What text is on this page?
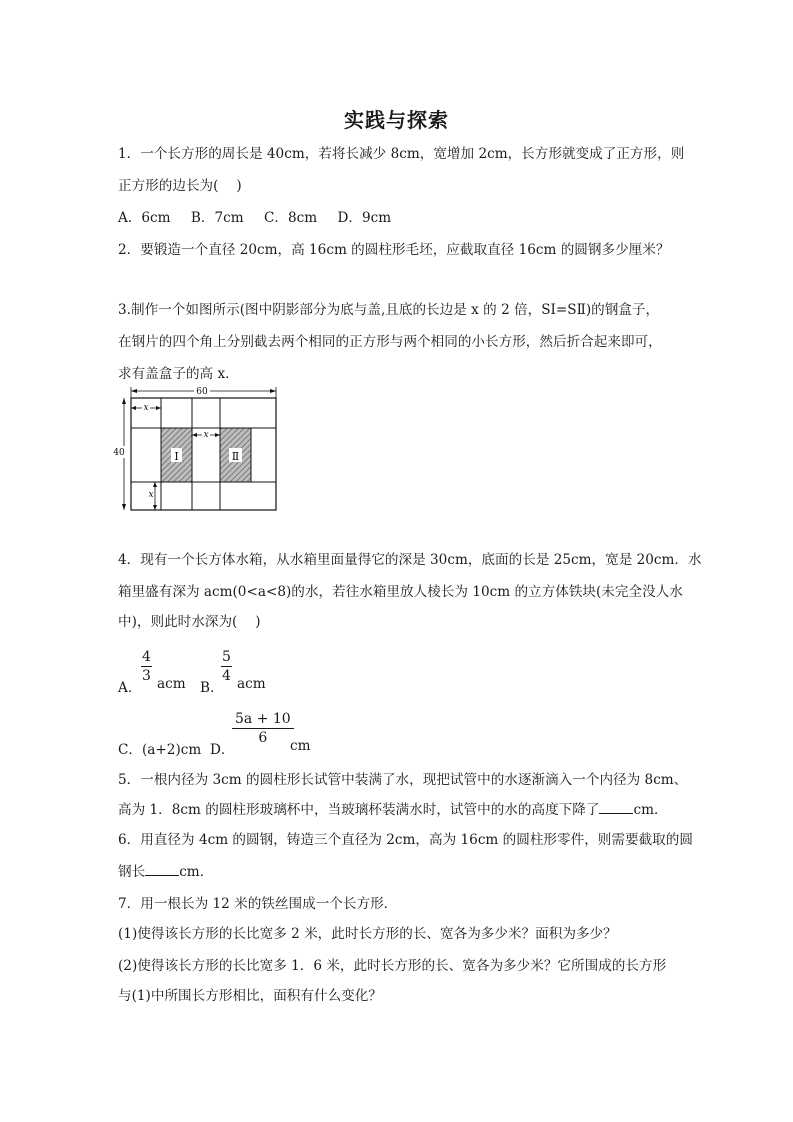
实践与探索
1．一个长方形的周长是 40cm，若将长减少 8cm，宽增加 2cm，长方形就变成了正方形，则
正方形的边长为(　 )
A．6cm B．7cm C．8cm D．9cm
2．要锻造一个直径 20cm，高 16cm 的圆柱形毛坯，应截取直径 16cm 的圆钢多少厘米？
3.制作一个如图所示(图中阴影部分为底与盖,且底的长边是 x 的 2 倍，SⅠ=SⅡ)的钢盒子，
在钢片的四个角上分别截去两个相同的正方形与两个相同的小长方形，然后折合起来即可，
求有盖盒子的高 x．
Ⅰ	Ⅱ
60
40
x
x
x
4．现有一个长方体水箱，从水箱里面量得它的深是 30cm，底面的长是 25cm，宽是 20cm．水
箱里盛有深为 acm(0<a<8)的水，若往水箱里放人棱长为 10cm 的立方体铁块(未完全没人水
中)，则此时水深为(　 )
A．
$\frac{4}{3}$ acm B．
$\frac{5}{4}$ acm
C．(a+2)cm D．
$\frac{5a + 10}{6}$
cm
5．一根内径为 3cm 的圆柱形长试管中装满了水，现把试管中的水逐渐滴入一个内径为 8cm、
高为 1．8cm 的圆柱形玻璃杯中，当玻璃杯装满水时，试管中的水的高度下降了	cm．
6．用直径为 4cm 的圆钢，铸造三个直径为 2cm，高为 16cm 的圆柱形零件，则需要截取的圆
钢长	cm．
7．用一根长为 12 米的铁丝围成一个长方形．
(1)使得该长方形的长比宽多 2 米，此时长方形的长、宽各为多少米？面积为多少？
(2)使得该长方形的长比宽多 1．6 米，此时长方形的长、宽各为多少米？它所围成的长方形
与(1)中所围长方形相比，面积有什么变化？
